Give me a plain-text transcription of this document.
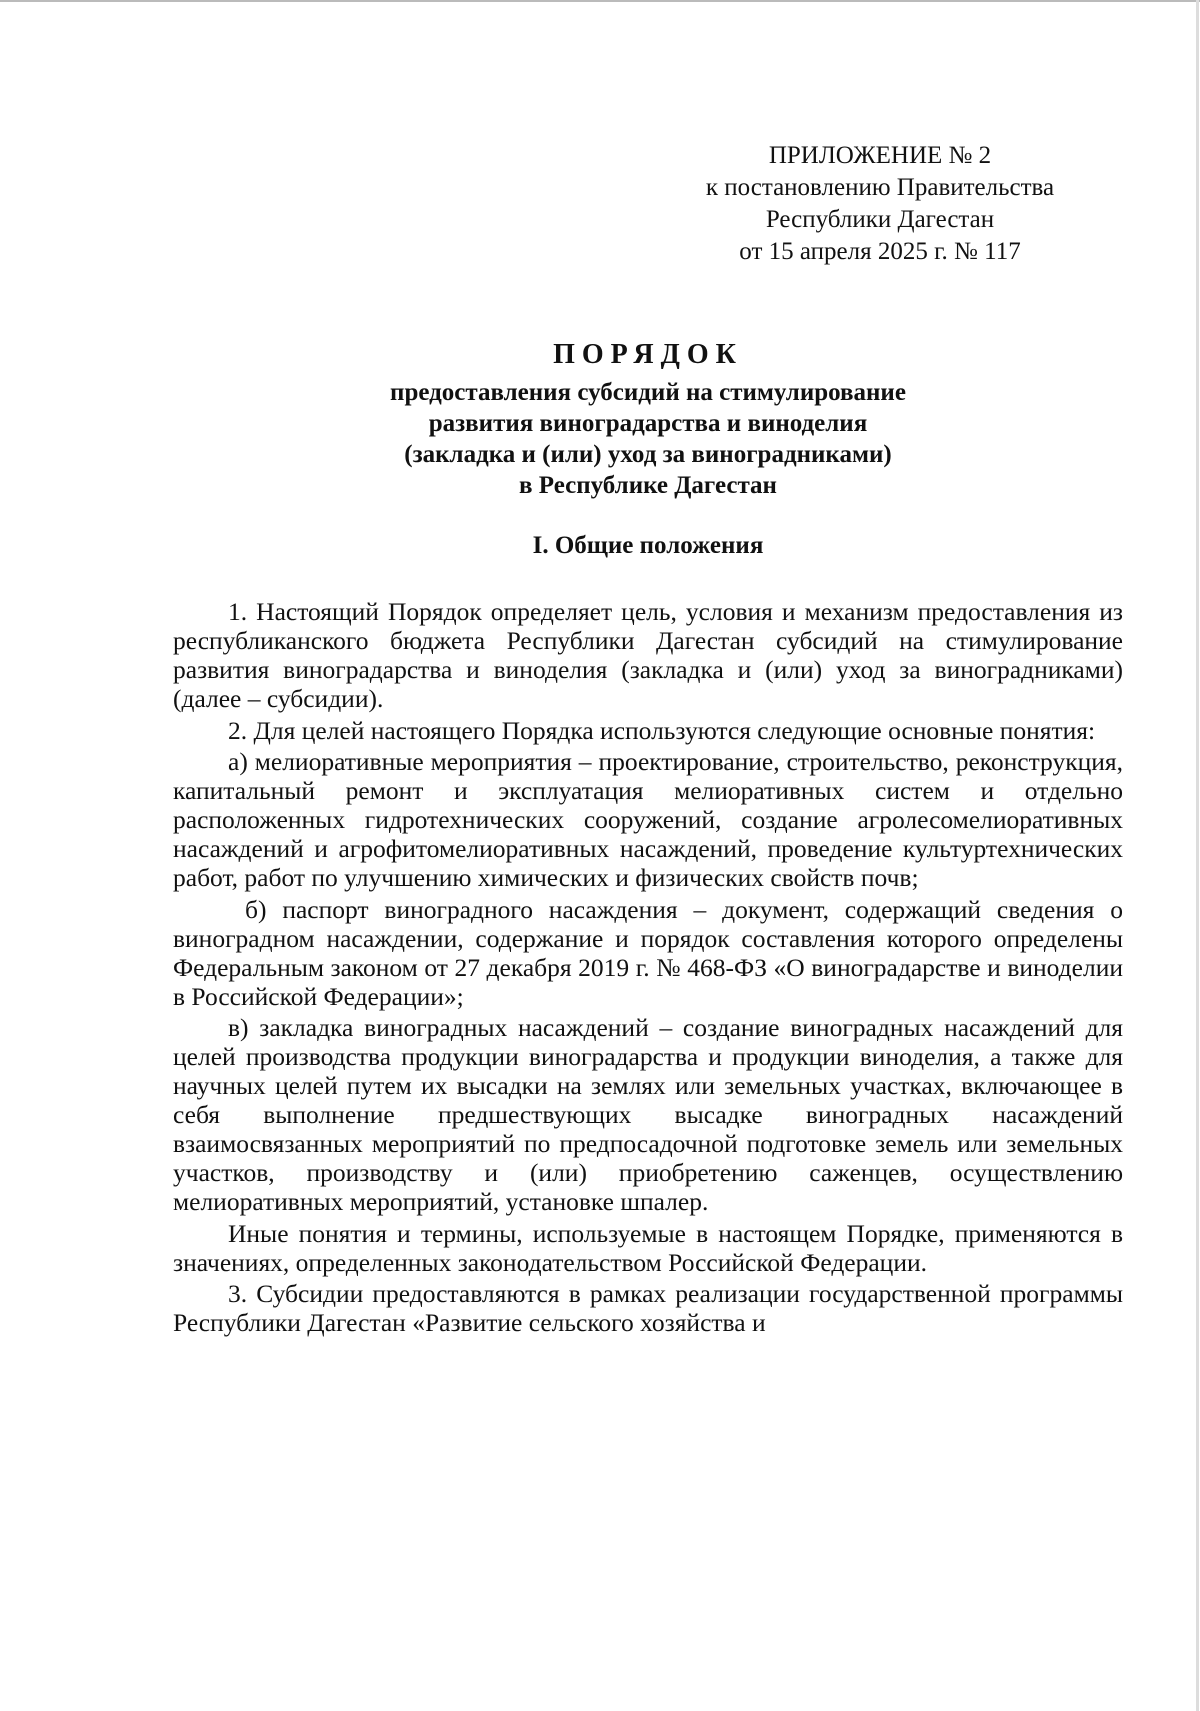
ПРИЛОЖЕНИЕ № 2
к постановлению Правительства
Республики Дагестан
от 15 апреля 2025 г. № 117
ПОРЯДОК
предоставления субсидий на стимулирование
развития виноградарства и виноделия
(закладка и (или) уход за виноградниками)
в Республике Дагестан
I. Общие положения

1. Настоящий Порядок определяет цель, условия и механизм предоставления из республиканского бюджета Республики Дагестан субсидий на стимулирование развития виноградарства и виноделия (закладка и (или) уход за виноградниками) (далее – субсидии).

2. Для целей настоящего Порядка используются следующие основные понятия:

а) мелиоративные мероприятия – проектирование, строительство, реконструкция, капитальный ремонт и эксплуатация мелиоративных систем и отдельно расположенных гидротехнических сооружений, создание агролесомелиоративных насаждений и агрофитомелиоративных насаждений, проведение культуртехнических работ, работ по улучшению химических и физических свойств почв;

б) паспорт виноградного насаждения – документ, содержащий сведения о виноградном насаждении, содержание и порядок составления которого определены Федеральным законом от 27 декабря 2019 г. № 468-ФЗ «О виноградарстве и виноделии в Российской Федерации»;

в) закладка виноградных насаждений – создание виноградных насаждений для целей производства продукции виноградарства и продукции виноделия, а также для научных целей путем их высадки на землях или земельных участках, включающее в себя выполнение предшествующих высадке виноградных насаждений взаимосвязанных мероприятий по предпосадочной подготовке земель или земельных участков, производству и (или) приобретению саженцев, осуществлению мелиоративных мероприятий, установке шпалер.

Иные понятия и термины, используемые в настоящем Порядке, применяются в значениях, определенных законодательством Российской Федерации.

3. Субсидии предоставляются в рамках реализации государственной программы Республики Дагестан «Развитие сельского хозяйства и
